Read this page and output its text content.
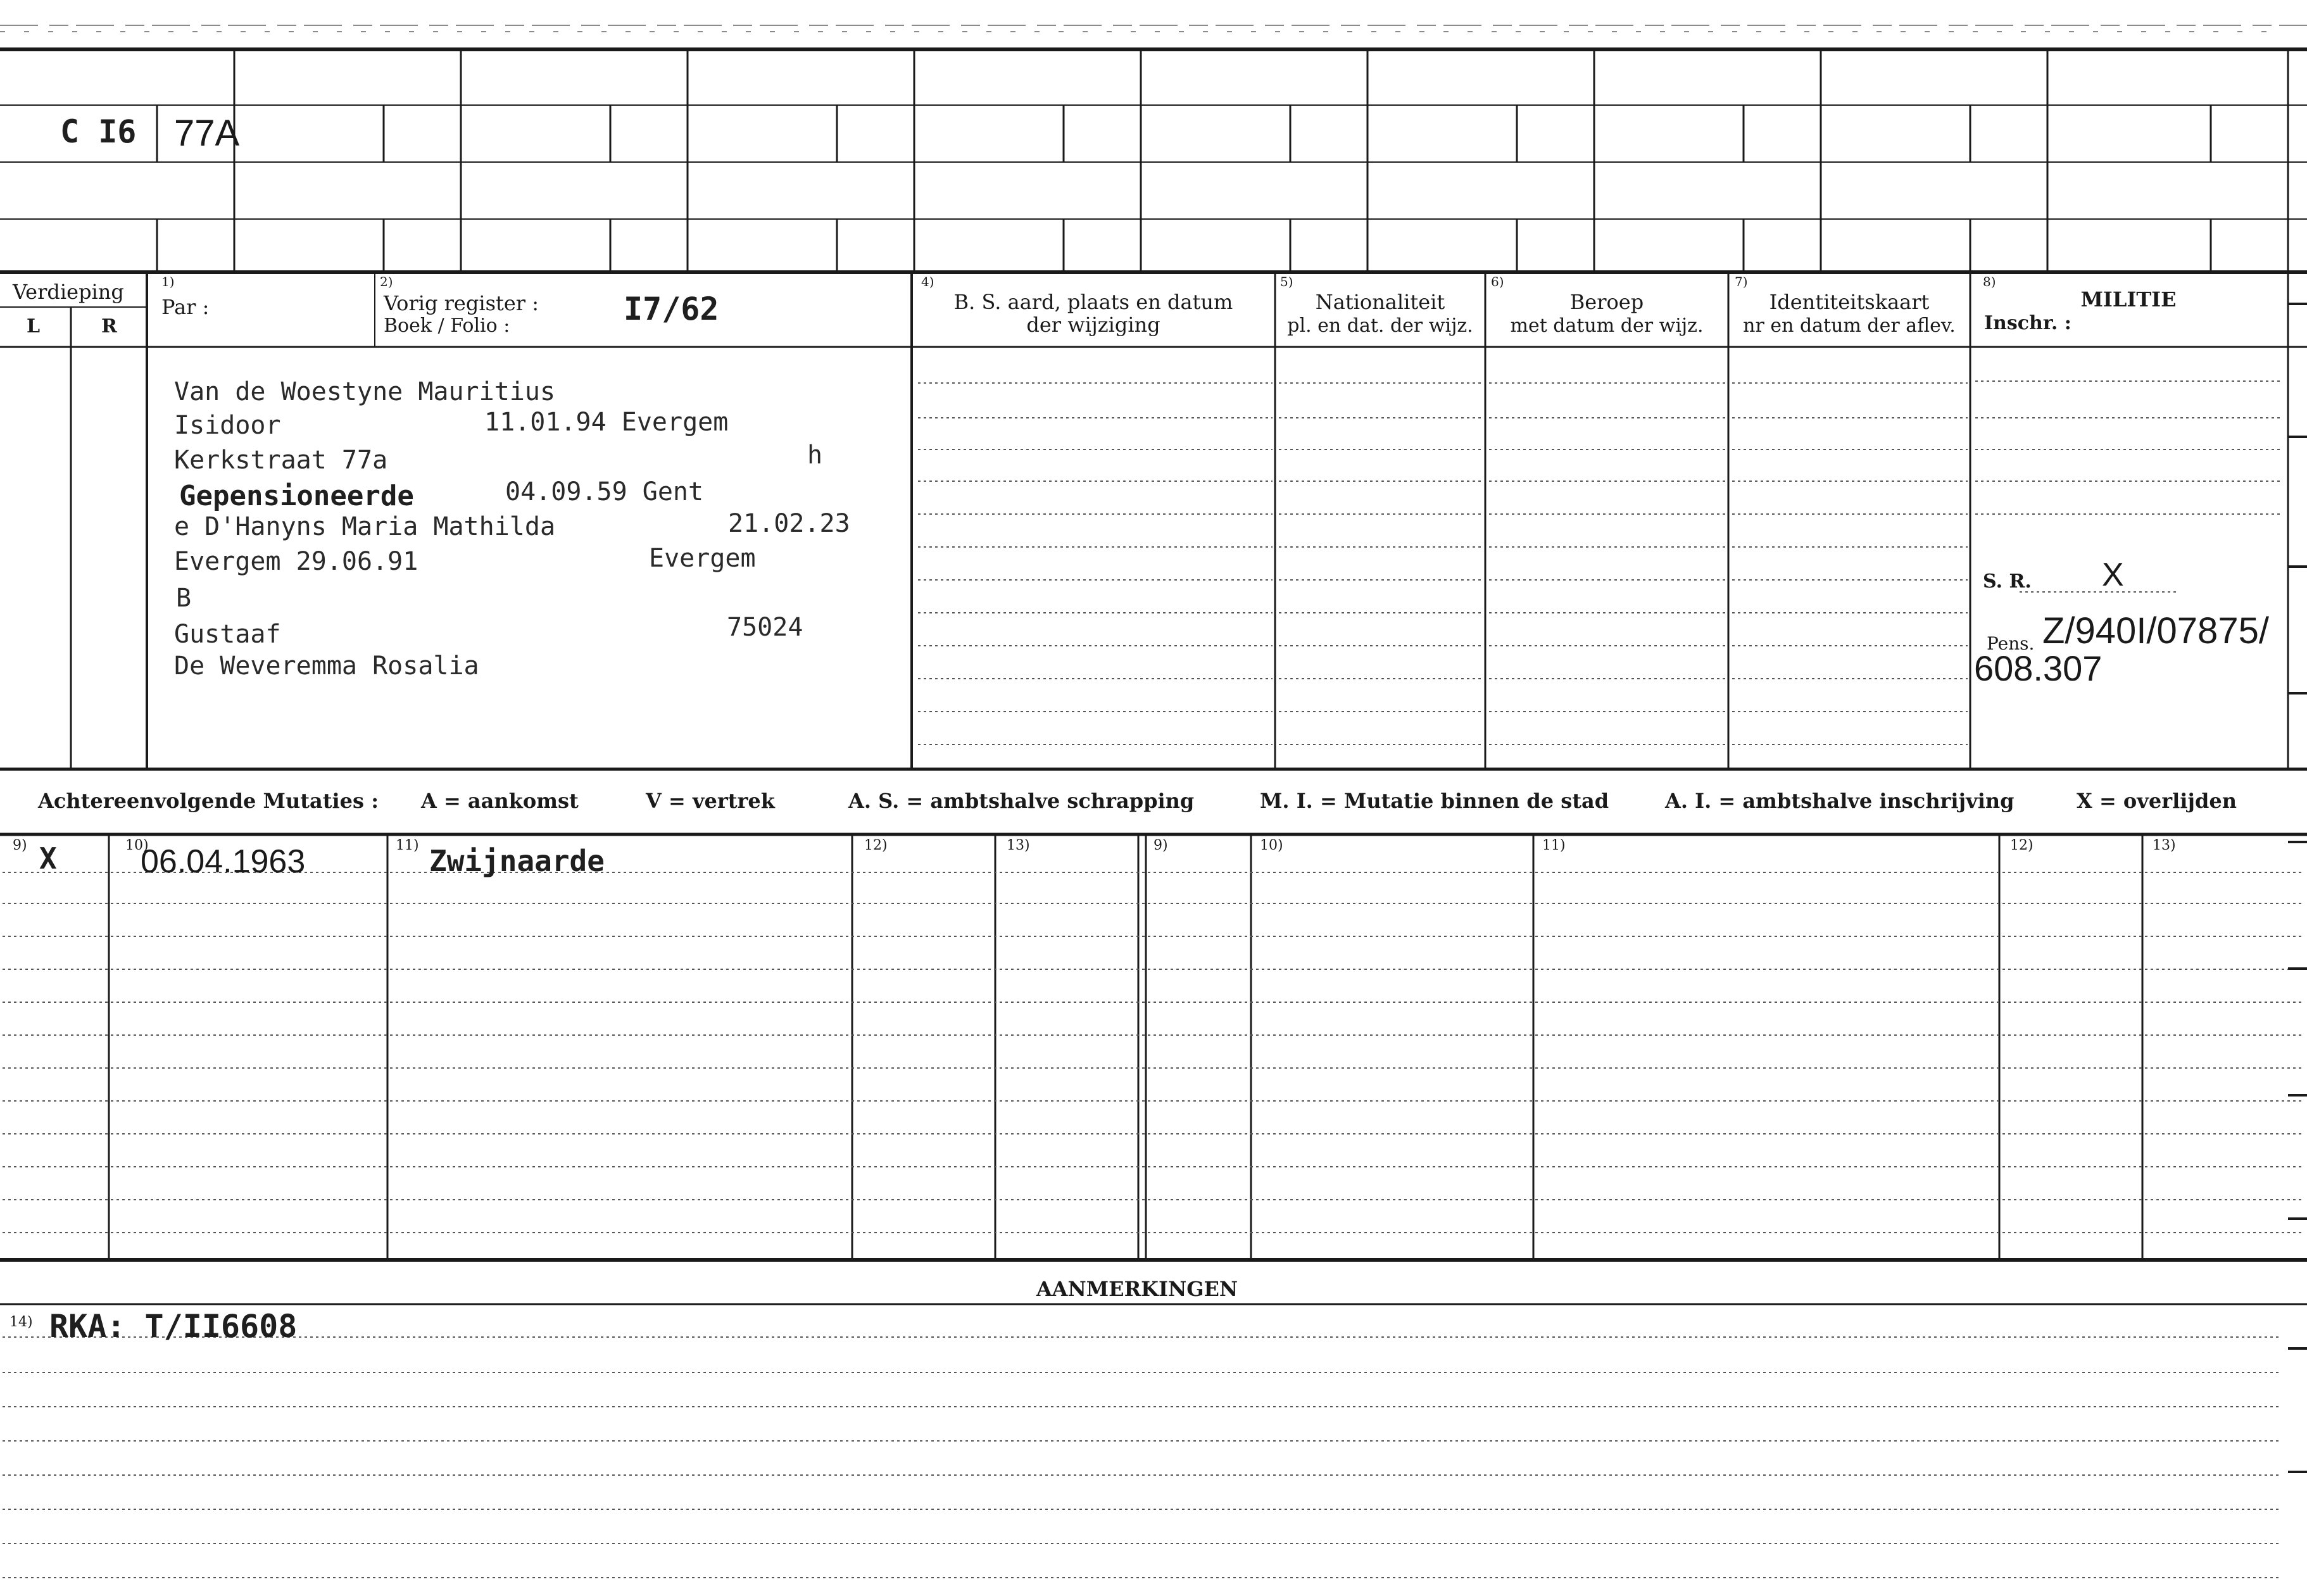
C I6 77A
Verdieping
L	R
1)
Par :
2)
Vorig register :
Boek / Folio :	I7/62
4)
B. S. aard, plaats en datum
der wijziging
5)
Nationaliteit
pl. en dat. der wijz.
6)
Beroep
met datum der wijz.
7)
Identiteitskaart
nr en datum der aflev.
8)
MILITIE
Inschr. :
Van de Woestyne Mauritius
Isidoor	11.01.94 Evergem
Kerkstraat 77a	h
Gepensioneerde	04.09.59 Gent
e D'Hanyns Maria Mathilda	21.02.23
Evergem 29.06.91	Evergem
B
Gustaaf	75024
De Weveremma Rosalia
S. R. X
Pens. Z/940I/07875/
608.307
Achtereenvolgende Mutaties : A = aankomst	V = vertrek	A. S. = ambtshalve schrapping	M. I. = Mutatie binnen de stad	A. I. = ambtshalve inschrijving	X = overlijden
9)	10)	11)	12)	13)	9)	10)	11)	12)	13)
X	06.04.1963	Zwijnaarde
AANMERKINGEN
14) RKA: T/II6608
